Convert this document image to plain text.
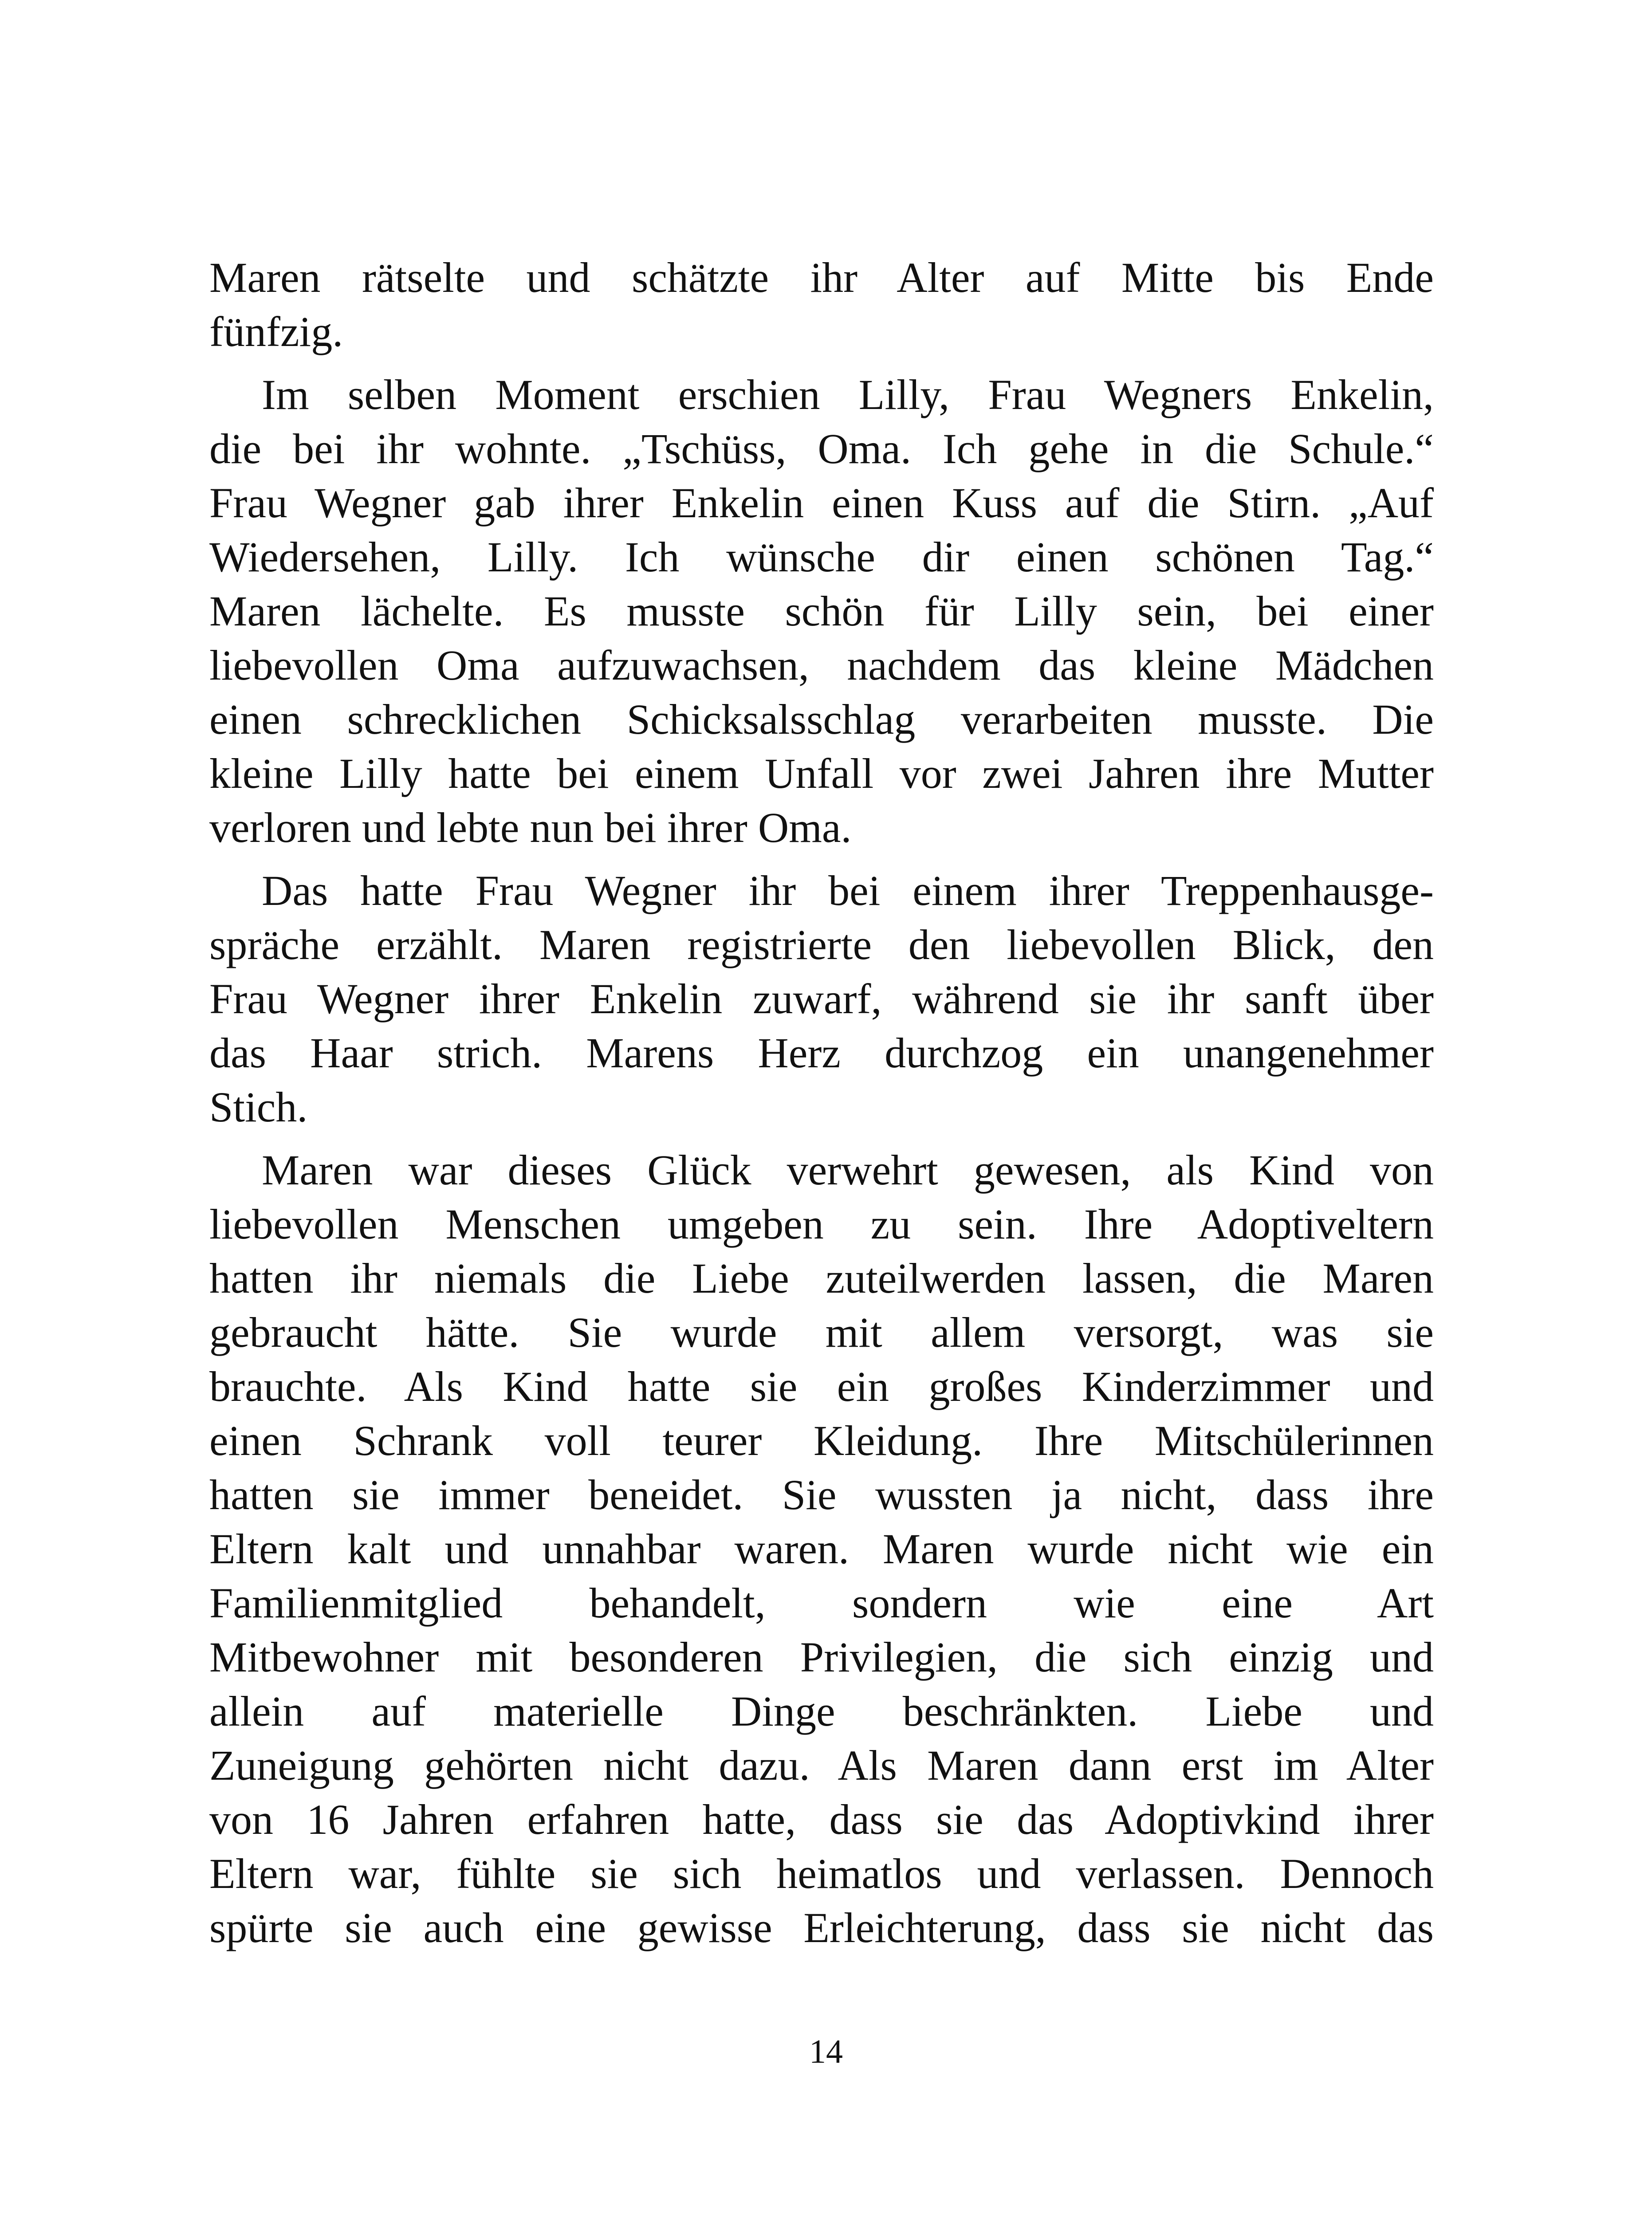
Maren rätselte und schätzte ihr Alter auf Mitte bis Ende
fünfzig.
Im selben Moment erschien Lilly, Frau Wegners Enkelin,
die bei ihr wohnte. „Tschüss, Oma. Ich gehe in die Schule.“
Frau Wegner gab ihrer Enkelin einen Kuss auf die Stirn. „Auf
Wiedersehen, Lilly. Ich wünsche dir einen schönen Tag.“
Maren lächelte. Es musste schön für Lilly sein, bei einer
liebevollen Oma aufzuwachsen, nachdem das kleine Mädchen
einen schrecklichen Schicksalsschlag verarbeiten musste. Die
kleine Lilly hatte bei einem Unfall vor zwei Jahren ihre Mutter
verloren und lebte nun bei ihrer Oma.
Das hatte Frau Wegner ihr bei einem ihrer Treppenhausge-
spräche erzählt. Maren registrierte den liebevollen Blick, den
Frau Wegner ihrer Enkelin zuwarf, während sie ihr sanft über
das Haar strich. Marens Herz durchzog ein unangenehmer
Stich.
Maren war dieses Glück verwehrt gewesen, als Kind von
liebevollen Menschen umgeben zu sein. Ihre Adoptiveltern
hatten ihr niemals die Liebe zuteilwerden lassen, die Maren
gebraucht hätte. Sie wurde mit allem versorgt, was sie
brauchte. Als Kind hatte sie ein großes Kinderzimmer und
einen Schrank voll teurer Kleidung. Ihre Mitschülerinnen
hatten sie immer beneidet. Sie wussten ja nicht, dass ihre
Eltern kalt und unnahbar waren. Maren wurde nicht wie ein
Familienmitglied behandelt, sondern wie eine Art
Mitbewohner mit besonderen Privilegien, die sich einzig und
allein auf materielle Dinge beschränkten. Liebe und
Zuneigung gehörten nicht dazu. Als Maren dann erst im Alter
von 16 Jahren erfahren hatte, dass sie das Adoptivkind ihrer
Eltern war, fühlte sie sich heimatlos und verlassen. Dennoch
spürte sie auch eine gewisse Erleichterung, dass sie nicht das
14
